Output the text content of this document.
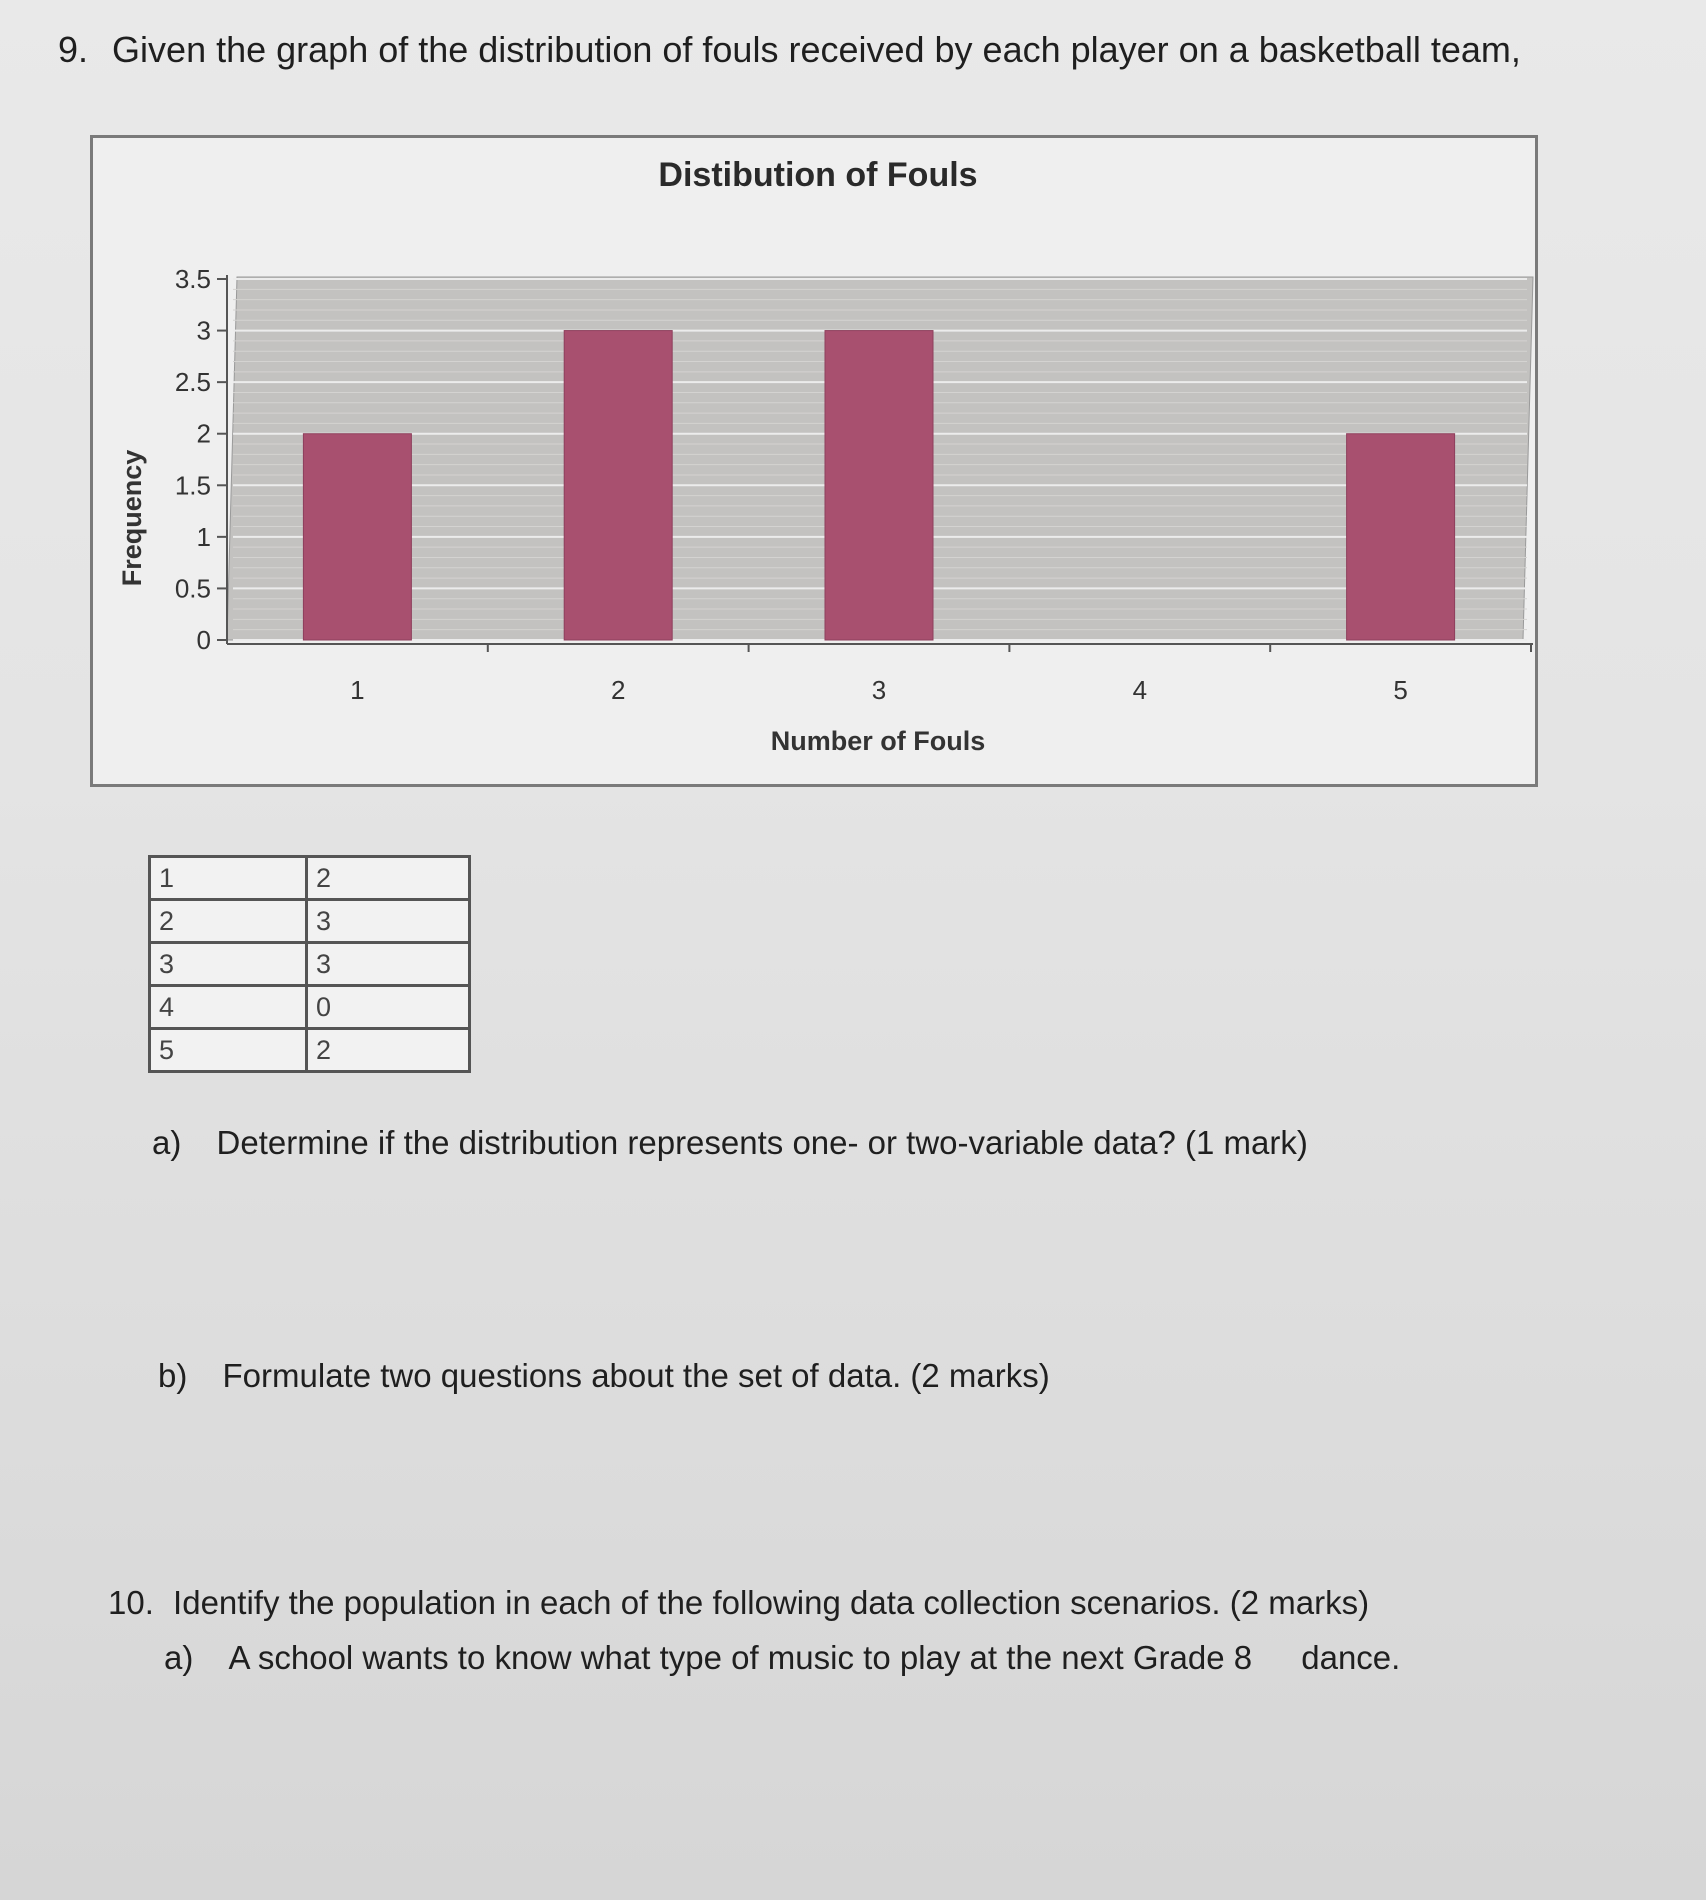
9. Given the graph of the distribution of fouls received by each player on a basketball team,
Distibution of Fouls
Frequency
Number of Fouls
0
0.5
1
1.5
2
2.5
3
3.5
1	2	3	4	5
1	2
2	3
3	3
4	0
5	2
a) Determine if the distribution represents one- or two-variable data? (1 mark)
b) Formulate two questions about the set of data. (2 marks)
10. Identify the population in each of the following data collection scenarios. (2 marks)
a) A school wants to know what type of music to play at the next Grade 8 dance.
